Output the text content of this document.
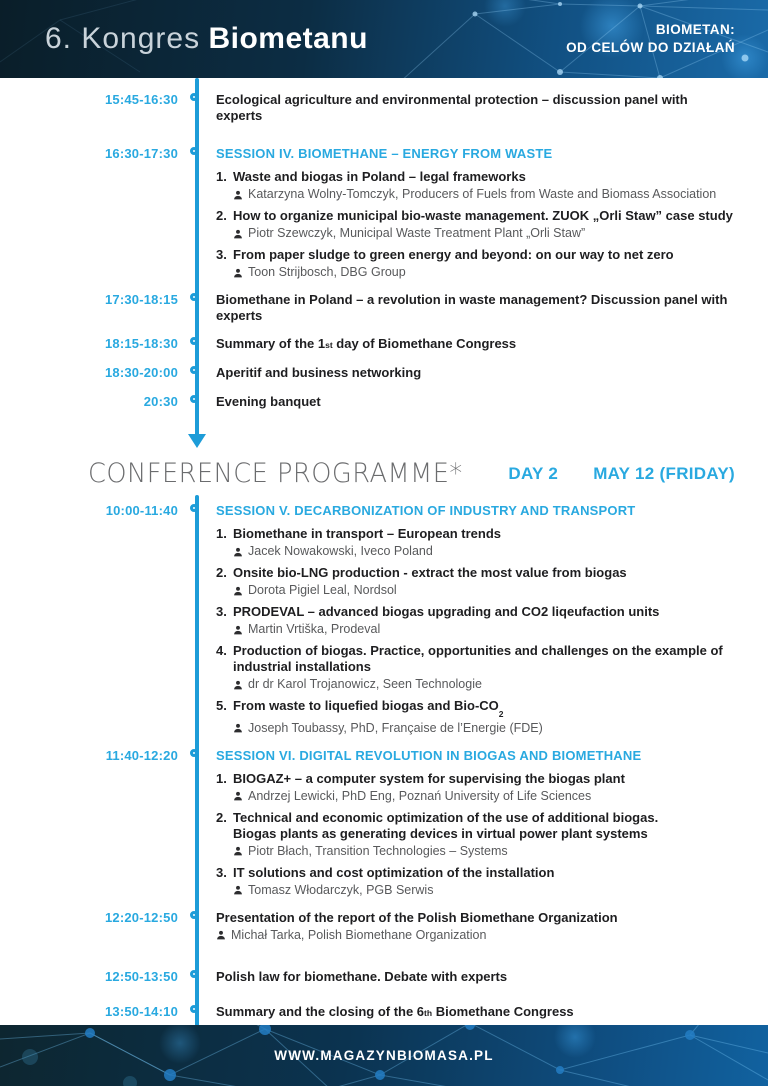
6. Kongres Biometanu	BIOMETAN:
OD CELÓW DO DZIAŁAŃ
15:45-16:30	Ecological agriculture and environmental protection – discussion panel with experts
16:30-17:30	SESSION IV. BIOMETHANE – ENERGY FROM WASTE
1. Waste and biogas in Poland – legal frameworks
Katarzyna Wolny-Tomczyk, Producers of Fuels from Waste and Biomass Association
2. How to organize municipal bio-waste management. ZUOK „Orli Staw” case study
Piotr Szewczyk, Municipal Waste Treatment Plant „Orli Staw”
3. From paper sludge to green energy and beyond: on our way to net zero
Toon Strijbosch, DBG Group
17:30-18:15	Biomethane in Poland – a revolution in waste management? Discussion panel with experts
18:15-18:30	Summary of the 1st day of Biomethane Congress
18:30-20:00	Aperitif and business networking
20:30	Evening banquet
CONFERENCE PROGRAMME*	DAY 2 MAY 12 (FRIDAY)
10:00-11:40	SESSION V. DECARBONIZATION OF INDUSTRY AND TRANSPORT
1. Biomethane in transport – European trends
Jacek Nowakowski, Iveco Poland
2. Onsite bio-LNG production - extract the most value from biogas
Dorota Pigiel Leal, Nordsol
3. PRODEVAL – advanced biogas upgrading and CO2 liqeufaction units
Martin Vrtiška, Prodeval
4. Production of biogas. Practice, opportunities and challenges on the example of industrial installations
dr dr Karol Trojanowicz, Seen Technologie
5. From waste to liquefied biogas and Bio-$CO_2$
Joseph Toubassy, PhD, Française de l’Energie (FDE)
11:40-12:20	SESSION VI. DIGITAL REVOLUTION IN BIOGAS AND BIOMETHANE
1. BIOGAZ+ – a computer system for supervising the biogas plant
Andrzej Lewicki, PhD Eng, Poznań University of Life Sciences
2. Technical and economic optimization of the use of additional biogas.
Biogas plants as generating devices in virtual power plant systems
Piotr Błach, Transition Technologies – Systems
3. IT solutions and cost optimization of the installation
Tomasz Włodarczyk, PGB Serwis
12:20-12:50	Presentation of the report of the Polish Biomethane Organization
Michał Tarka, Polish Biomethane Organization
12:50-13:50	Polish law for biomethane. Debate with experts
13:50-14:10	Summary and the closing of the 6th Biomethane Congress
WWW.MAGAZYNBIOMASA.PL
